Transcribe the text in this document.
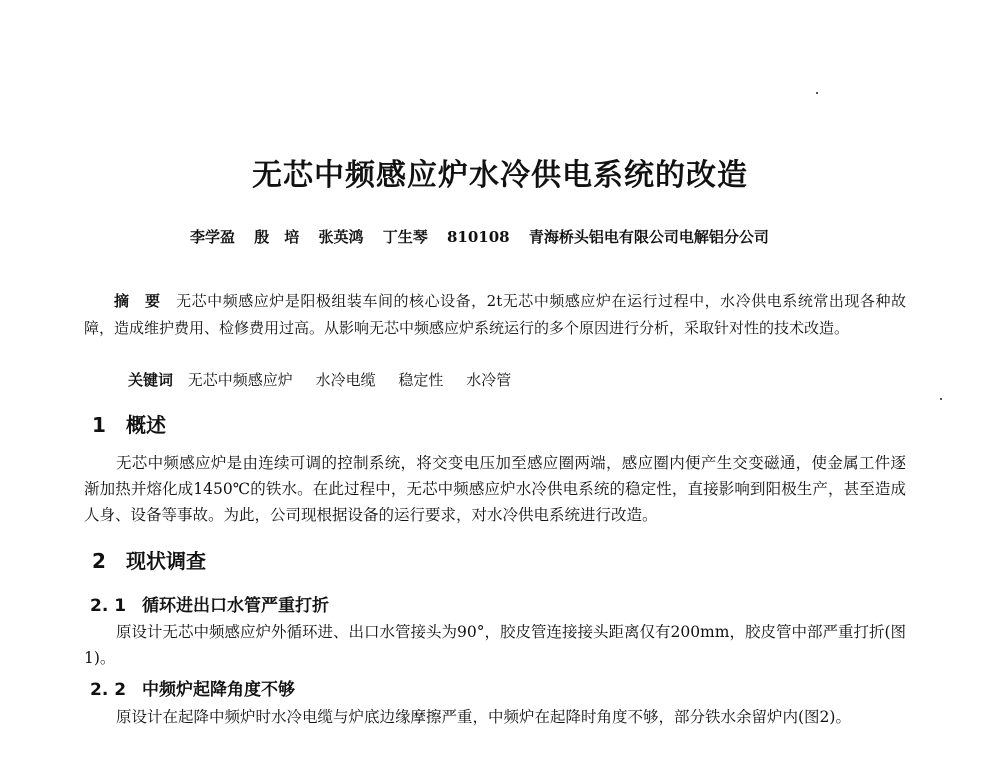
无芯中频感应炉水冷供电系统的改造
李学盈 殷　培 张英鸿 丁生琴 810108 青海桥头铝电有限公司电解铝分公司
摘　要　 无芯中频感应炉是阳极组装车间的核心设备，2t无芯中频感应炉在运行过程中，水冷供电系统常出现各种故障，造成维护费用、检修费用过高。从影响无芯中频感应炉系统运行的多个原因进行分析，采取针对性的技术改造。
关键词 无芯中频感应炉 水冷电缆 稳定性 水冷管
1 概述
无芯中频感应炉是由连续可调的控制系统，将交变电压加至感应圈两端，感应圈内便产生交变磁通，使金属工件逐渐加热并熔化成1450℃的铁水。在此过程中，无芯中频感应炉水冷供电系统的稳定性，直接影响到阳极生产，甚至造成人身、设备等事故。为此，公司现根据设备的运行要求，对水冷供电系统进行改造。
2 现状调查
2. 1 循环进出口水管严重打折
原设计无芯中频感应炉外循环进、出口水管接头为90°，胶皮管连接接头距离仅有200mm，胶皮管中部严重打折(图1)。
2. 2 中频炉起降角度不够
原设计在起降中频炉时水冷电缆与炉底边缘摩擦严重，中频炉在起降时角度不够，部分铁水余留炉内(图2)。
